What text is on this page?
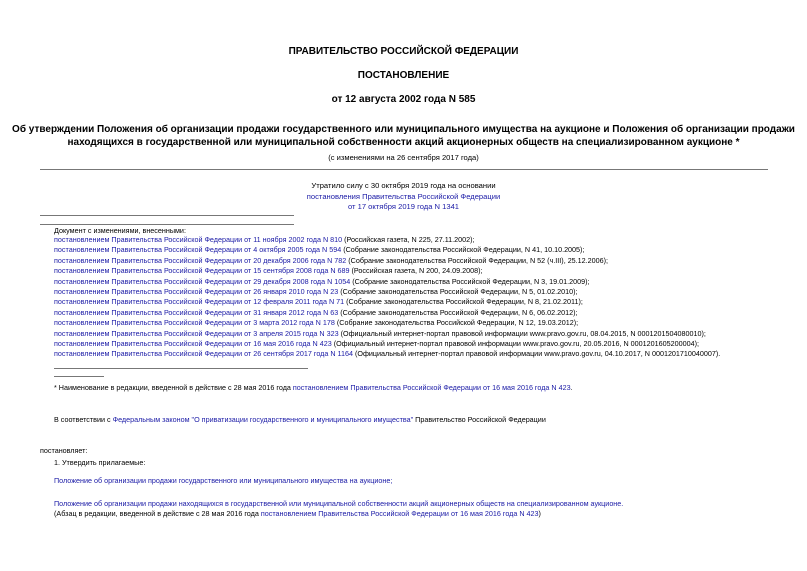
ПРАВИТЕЛЬСТВО РОССИЙСКОЙ ФЕДЕРАЦИИ
ПОСТАНОВЛЕНИЕ
от 12 августа 2002 года N 585
Об утверждении Положения об организации продажи государственного или муниципального имущества на аукционе и Положения об организации продажи
находящихся в государственной или муниципальной собственности акций акционерных обществ на специализированном аукционе *
(с изменениями на 26 сентября 2017 года)
Утратило силу с 30 октября 2019 года на основании
постановления Правительства Российской Федерации
от 17 октября 2019 года N 1341
Документ с изменениями, внесенными:
постановлением Правительства Российской Федерации от 11 ноября 2002 года N 810 (Российская газета, N 225, 27.11.2002);
постановлением Правительства Российской Федерации от 4 октября 2005 года N 594 (Собрание законодательства Российской Федерации, N 41, 10.10.2005);
постановлением Правительства Российской Федерации от 20 декабря 2006 года N 782 (Собрание законодательства Российской Федерации, N 52 (ч.III), 25.12.2006);
постановлением Правительства Российской Федерации от 15 сентября 2008 года N 689 (Российская газета, N 200, 24.09.2008);
постановлением Правительства Российской Федерации от 29 декабря 2008 года N 1054 (Собрание законодательства Российской Федерации, N 3, 19.01.2009);
постановлением Правительства Российской Федерации от 26 января 2010 года N 23 (Собрание законодательства Российской Федерации, N 5, 01.02.2010);
постановлением Правительства Российской Федерации от 12 февраля 2011 года N 71 (Собрание законодательства Российской Федерации, N 8, 21.02.2011);
постановлением Правительства Российской Федерации от 31 января 2012 года N 63 (Собрание законодательства Российской Федерации, N 6, 06.02.2012);
постановлением Правительства Российской Федерации от 3 марта 2012 года N 178 (Собрание законодательства Российской Федерации, N 12, 19.03.2012);
постановлением Правительства Российской Федерации от 3 апреля 2015 года N 323 (Официальный интернет-портал правовой информации www.pravo.gov.ru, 08.04.2015, N 0001201504080010);
постановлением Правительства Российской Федерации от 16 мая 2016 года N 423 (Официальный интернет-портал правовой информации www.pravo.gov.ru, 20.05.2016, N 0001201605200004);
постановлением Правительства Российской Федерации от 26 сентября 2017 года N 1164 (Официальный интернет-портал правовой информации www.pravo.gov.ru, 04.10.2017, N 0001201710040007).
* Наименование в редакции, введенной в действие с 28 мая 2016 года постановлением Правительства Российской Федерации от 16 мая 2016 года N 423.
В соответствии с Федеральным законом "О приватизации государственного и муниципального имущества" Правительство Российской Федерации
постановляет:
1. Утвердить прилагаемые:
Положение об организации продажи государственного или муниципального имущества на аукционе;
Положение об организации продажи находящихся в государственной или муниципальной собственности акций акционерных обществ на специализированном аукционе.
(Абзац в редакции, введенной в действие с 28 мая 2016 года постановлением Правительства Российской Федерации от 16 мая 2016 года N 423)
